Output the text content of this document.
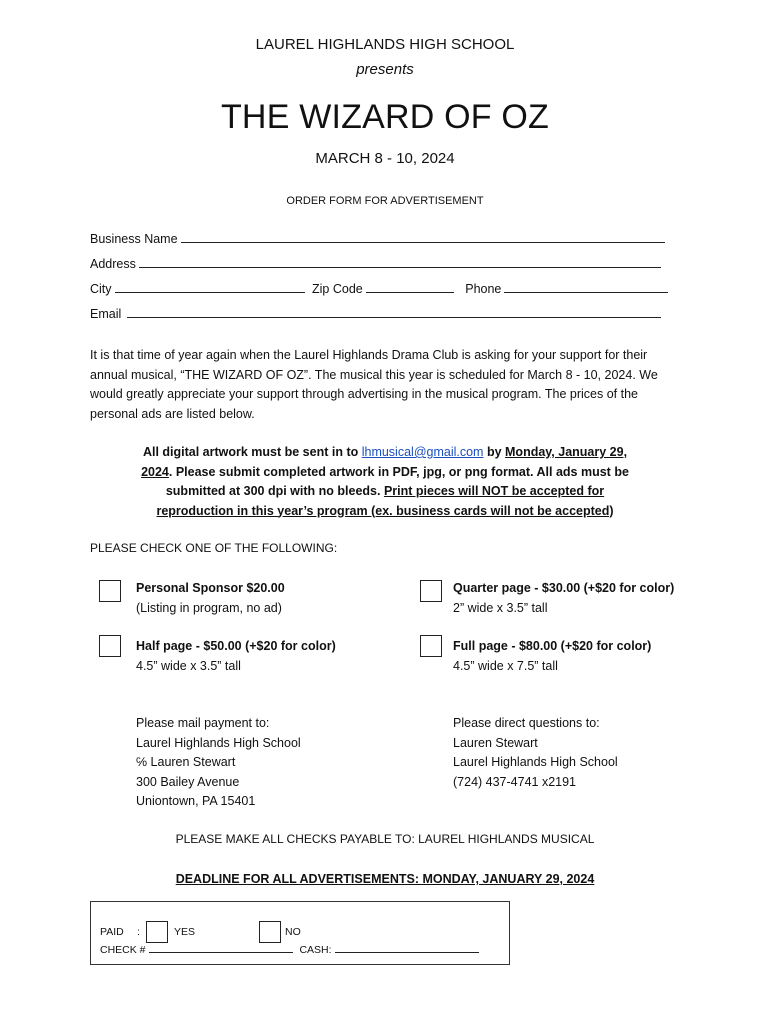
LAUREL HIGHLANDS HIGH SCHOOL
presents
THE WIZARD OF OZ
MARCH 8 - 10, 2024
ORDER FORM FOR ADVERTISEMENT
Business Name
Address
City	Zip Code	Phone
Email
It is that time of year again when the Laurel Highlands Drama Club is asking for your support for their annual musical, “THE WIZARD OF OZ”. The musical this year is scheduled for March 8 - 10, 2024. We would greatly appreciate your support through advertising in the musical program. The prices of the personal ads are listed below.
All digital artwork must be sent in to lhmusical@gmail.com by Monday, January 29, 2024. Please submit completed artwork in PDF, jpg, or png format. All ads must be submitted at 300 dpi with no bleeds. Print pieces will NOT be accepted for reproduction in this year’s program (ex. business cards will not be accepted)
PLEASE CHECK ONE OF THE FOLLOWING:
Personal Sponsor $20.00
(Listing in program, no ad)
Quarter page - $30.00 (+$20 for color)
2” wide x 3.5” tall
Half page - $50.00 (+$20 for color)
4.5” wide x 3.5” tall
Full page - $80.00 (+$20 for color)
4.5” wide x 7.5” tall
Please mail payment to:
Laurel Highlands High School
℅ Lauren Stewart
300 Bailey Avenue
Uniontown, PA 15401
Please direct questions to:
Lauren Stewart
Laurel Highlands High School
(724) 437-4741 x2191
PLEASE MAKE ALL CHECKS PAYABLE TO: LAUREL HIGHLANDS MUSICAL
DEADLINE FOR ALL ADVERTISEMENTS: MONDAY, JANUARY 29, 2024
PAID :	YES	NO
CHECK #	CASH:
